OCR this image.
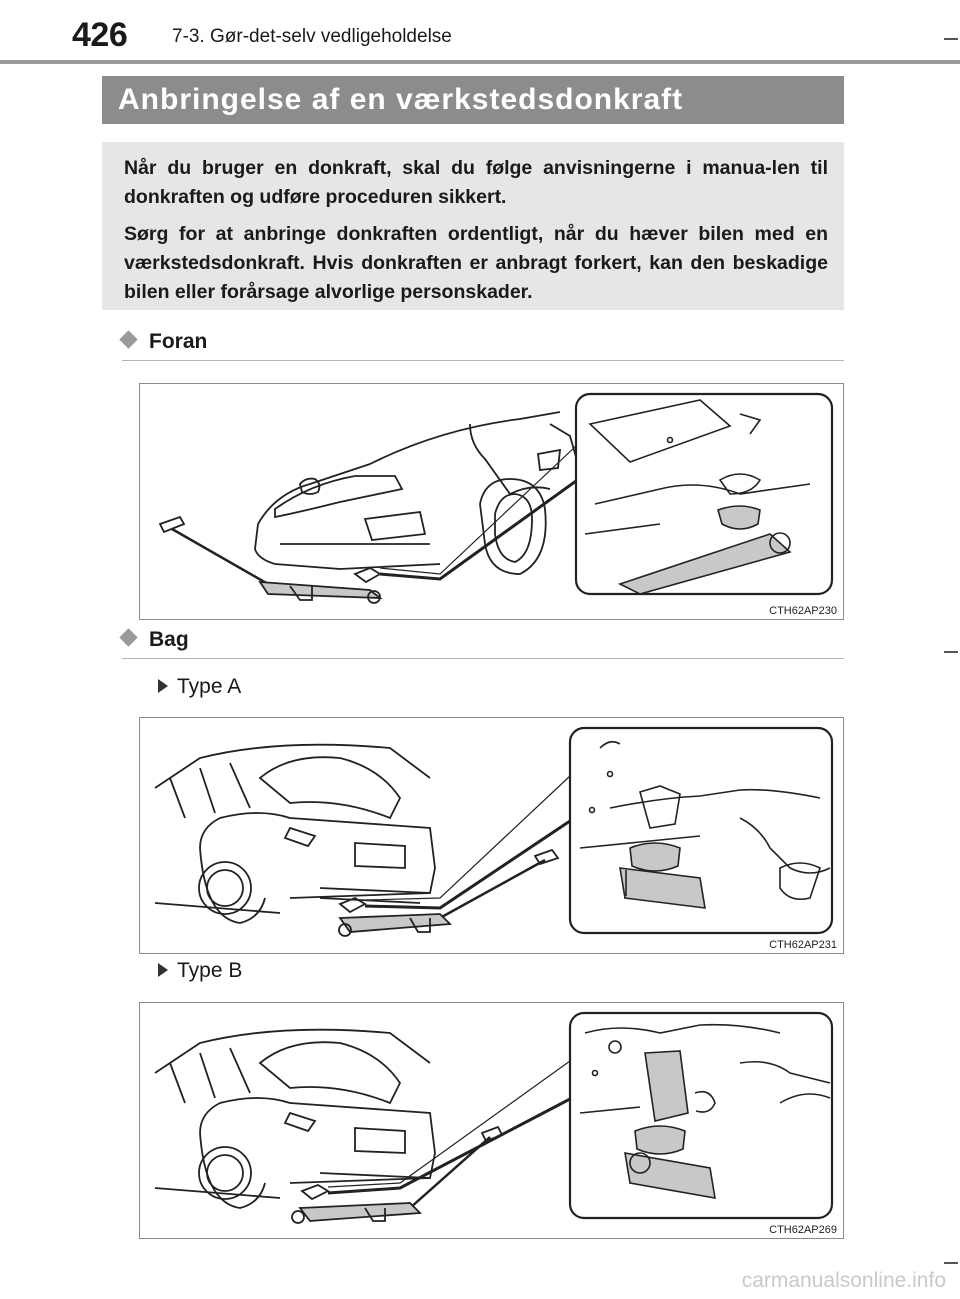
426 7-3. Gør-det-selv vedligeholdelse
Anbringelse af en værkstedsdonkraft

Når du bruger en donkraft, skal du følge anvisningerne i manua-len til donkraften og udføre proceduren sikkert.

Sørg for at anbringe donkraften ordentligt, når du hæver bilen med en værkstedsdonkraft. Hvis donkraften er anbragt forkert, kan den beskadige bilen eller forårsage alvorlige personskader.

Foran
CTH62AP230
Bag
Type A
CTH62AP231
Type B
CTH62AP269
carmanualsonline.info
